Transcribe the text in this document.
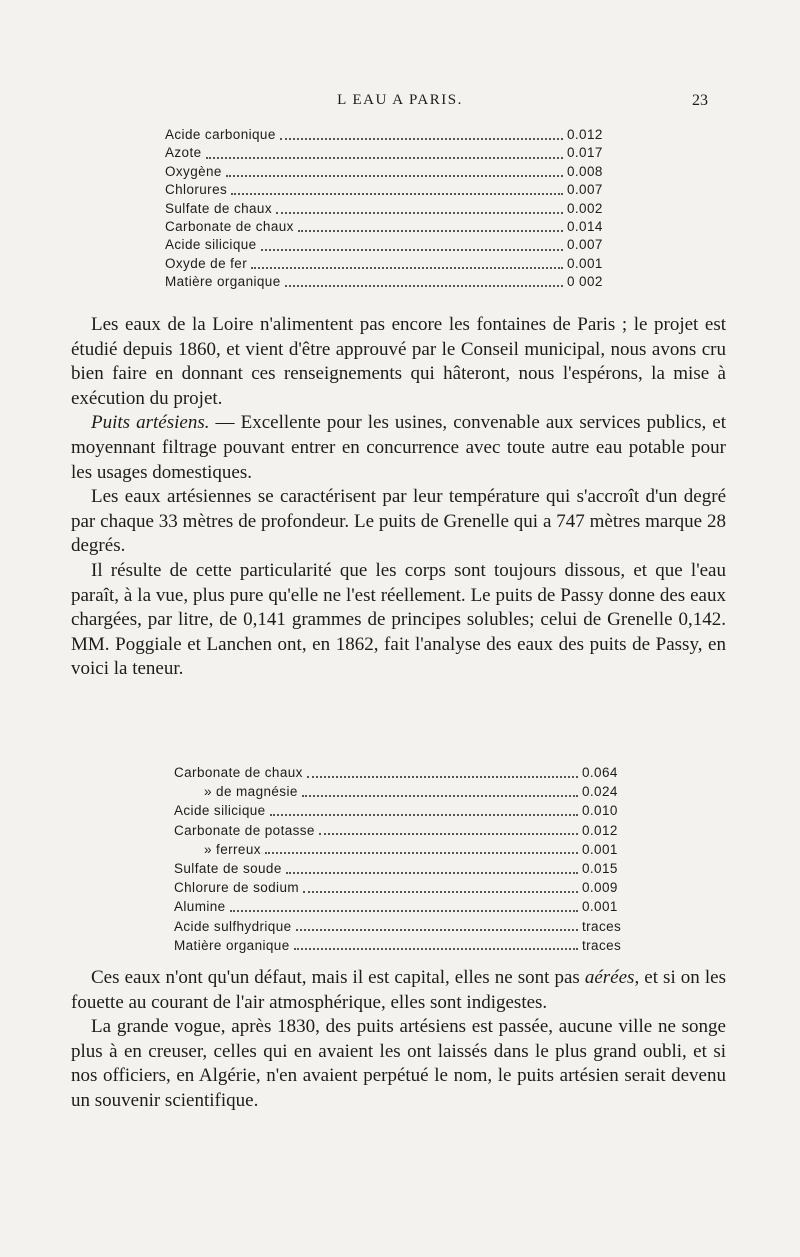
L EAU A PARIS.	23
Acide carbonique	0.012
Azote	0.017
Oxygène	0.008
Chlorures	0.007
Sulfate de chaux	0.002
Carbonate de chaux	0.014
Acide silicique	0.007
Oxyde de fer	0.001
Matière organique	0 002

Les eaux de la Loire n'alimentent pas encore les fontaines de Paris ; le projet est étudié depuis 1860, et vient d'être approuvé par le Conseil municipal, nous avons cru bien faire en donnant ces renseignements qui hâteront, nous l'espérons, la mise à exécution du projet.

Puits artésiens. — Excellente pour les usines, convenable aux services publics, et moyennant filtrage pouvant entrer en concurrence avec toute autre eau potable pour les usages domestiques.

Les eaux artésiennes se caractérisent par leur température qui s'accroît d'un degré par chaque 33 mètres de profondeur. Le puits de Grenelle qui a 747 mètres marque 28 degrés.

Il résulte de cette particularité que les corps sont toujours dissous, et que l'eau paraît, à la vue, plus pure qu'elle ne l'est réellement. Le puits de Passy donne des eaux chargées, par litre, de 0,141 grammes de principes solubles; celui de Grenelle 0,142. MM. Poggiale et Lanchen ont, en 1862, fait l'analyse des eaux des puits de Passy, en voici la teneur.

Carbonate de chaux	0.064
» de magnésie	0.024
Acide silicique	0.010
Carbonate de potasse	0.012
» ferreux	0.001
Sulfate de soude	0.015
Chlorure de sodium	0.009
Alumine	0.001
Acide sulfhydrique	traces
Matière organique	traces

Ces eaux n'ont qu'un défaut, mais il est capital, elles ne sont pas aérées, et si on les fouette au courant de l'air atmosphérique, elles sont indigestes.

La grande vogue, après 1830, des puits artésiens est passée, aucune ville ne songe plus à en creuser, celles qui en avaient les ont laissés dans le plus grand oubli, et si nos officiers, en Algérie, n'en avaient perpétué le nom, le puits artésien serait devenu un souvenir scientifique.
